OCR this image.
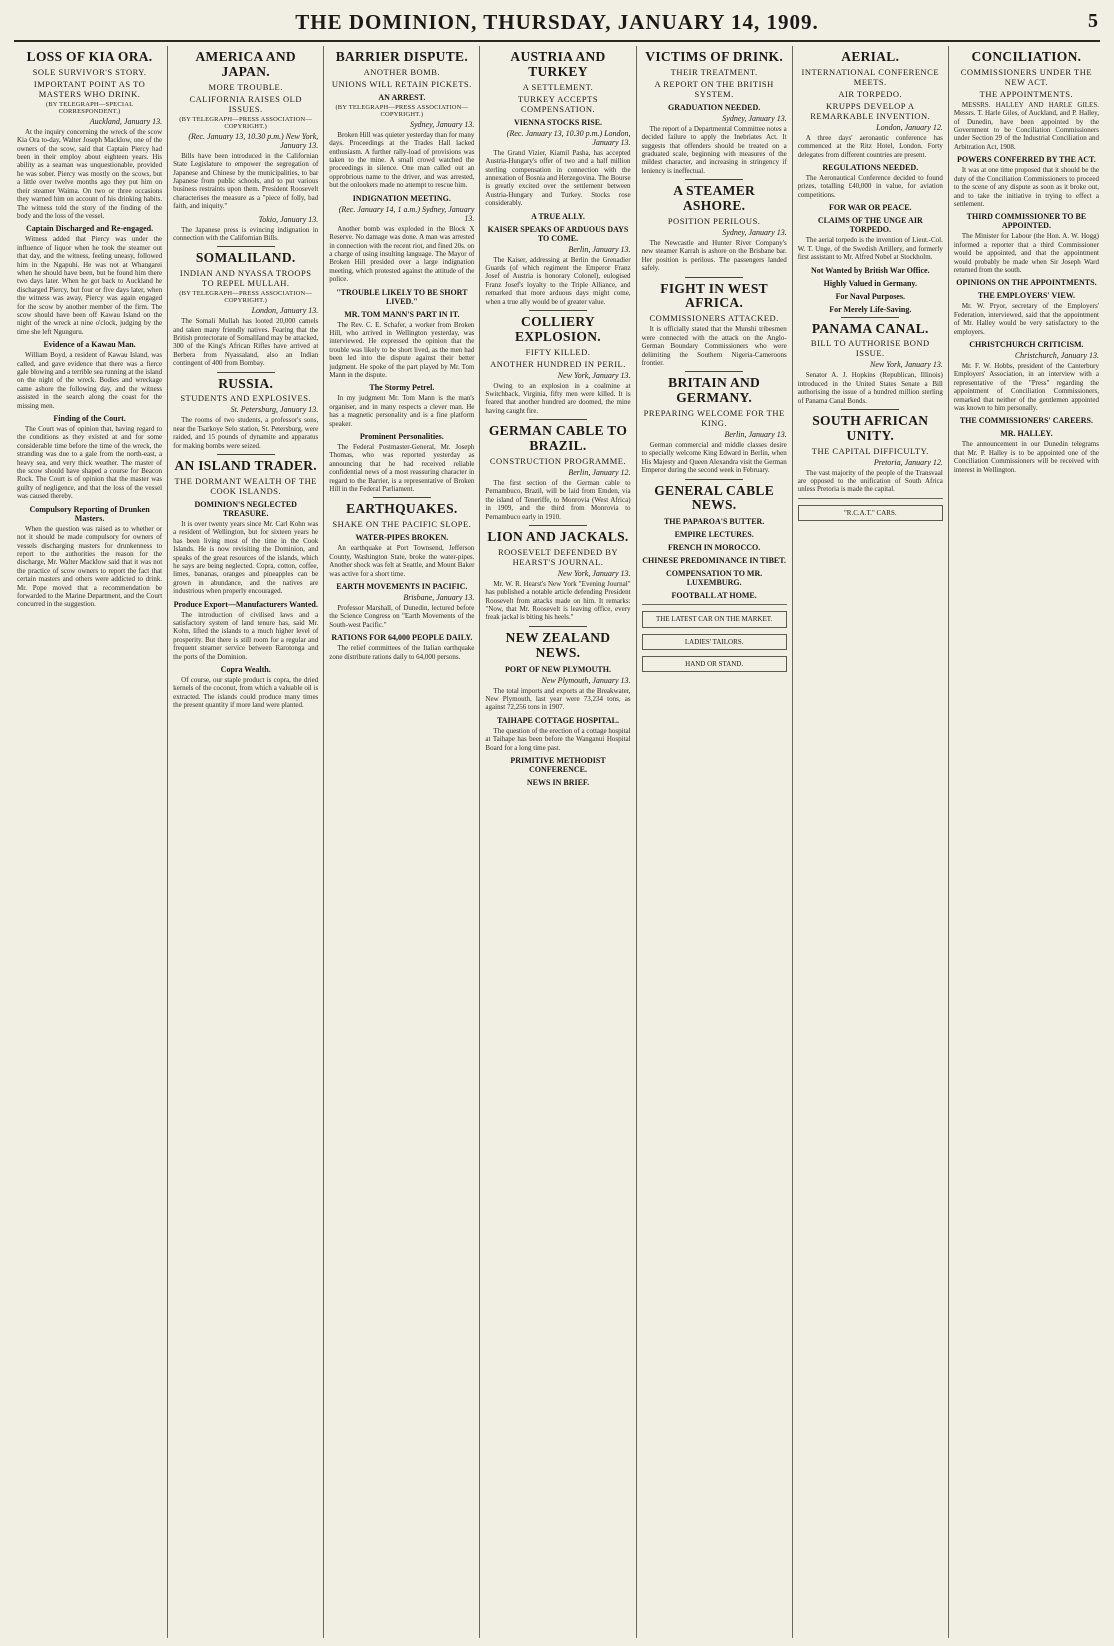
THE DOMINION, THURSDAY, JANUARY 14, 1909.	5
LOSS OF KIA ORA.
SOLE SURVIVOR'S STORY.
IMPORTANT POINT AS TO MASTERS WHO DRINK.
(BY TELEGRAPH—SPECIAL CORRESPONDENT.)
Auckland, January 13.
At the inquiry concerning the wreck of the scow Kia Ora to-day, Walter Joseph Macklow, one of the owners of the scow, said that Captain Piercy had been in their employ about eighteen years. His ability as a seaman was unquestionable, provided he was sober. Piercy was mostly on the scows, but a little over twelve months ago they put him on their steamer Waima. On two or three occasions they warned him on account of his drinking habits. The witness told the story of the finding of the body and the loss of the vessel.
Captain Discharged and Re-engaged.
Witness added that Piercy was under the influence of liquor when he took the steamer out that day, and the witness, feeling uneasy, followed him in the Ngapuhi. He was not at Whangarei when he should have been, but he found him there two days later. When he got back to Auckland he discharged Piercy, but four or five days later, when the witness was away, Piercy was again engaged for the scow by another member of the firm. The scow should have been off Kawau Island on the night of the wreck at nine o'clock, judging by the time she left Ngunguru.
Evidence of a Kawau Man.
William Boyd, a resident of Kawau Island, was called, and gave evidence that there was a fierce gale blowing and a terrible sea running at the island on the night of the wreck. Bodies and wreckage came ashore the following day, and the witness assisted in the search along the coast for the missing men.
Finding of the Court.
The Court was of opinion that, having regard to the conditions as they existed at and for some considerable time before the time of the wreck, the stranding was due to a gale from the north-east, a heavy sea, and very thick weather. The master of the scow should have shaped a course for Beacon Rock. The Court is of opinion that the master was guilty of negligence, and that the loss of the vessel was caused thereby.
Compulsory Reporting of Drunken Masters.
When the question was raised as to whether or not it should be made compulsory for owners of vessels discharging masters for drunkenness to report to the authorities the reason for the discharge, Mr. Walter Macklow said that it was not the practice of scow owners to report the fact that certain masters and others were addicted to drink. Mr. Pope moved that a recommendation be forwarded to the Marine Department, and the Court concurred in the suggestion.
AMERICA AND JAPAN.
MORE TROUBLE.
CALIFORNIA RAISES OLD ISSUES.
(BY TELEGRAPH—PRESS ASSOCIATION—COPYRIGHT.)
(Rec. January 13, 10.30 p.m.) New York, January 13.
Bills have been introduced in the Californian State Legislature to empower the segregation of Japanese and Chinese by the municipalities, to bar Japanese from public schools, and to put various business restraints upon them. President Roosevelt characterises the measure as a "piece of folly, bad faith, and iniquity."
Tokio, January 13.
The Japanese press is evincing indignation in connection with the Californian Bills.
SOMALILAND.
INDIAN AND NYASSA TROOPS TO REPEL MULLAH.
(BY TELEGRAPH—PRESS ASSOCIATION—COPYRIGHT.)
London, January 13.
The Somali Mullah has looted 20,000 camels and taken many friendly natives. Fearing that the British protectorate of Somaliland may be attacked, 300 of the King's African Rifles have arrived at Berbera from Nyassaland, also an Indian contingent of 400 from Bombay.
RUSSIA.
STUDENTS AND EXPLOSIVES.
St. Petersburg, January 13.
The rooms of two students, a professor's sons, near the Tsarkoye Selo station, St. Petersburg, were raided, and 15 pounds of dynamite and apparatus for making bombs were seized.
AN ISLAND TRADER.
THE DORMANT WEALTH OF THE COOK ISLANDS.
DOMINION'S NEGLECTED TREASURE.
It is over twenty years since Mr. Carl Kohn was a resident of Wellington, but for sixteen years he has been living most of the time in the Cook Islands. He is now revisiting the Dominion, and speaks of the great resources of the islands, which he says are being neglected. Copra, cotton, coffee, limes, bananas, oranges and pineapples can be grown in abundance, and the natives are industrious when properly encouraged.
Produce Export—Manufacturers Wanted.
The introduction of civilised laws and a satisfactory system of land tenure has, said Mr. Kohn, lifted the islands to a much higher level of prosperity. But there is still room for a regular and frequent steamer service between Rarotonga and the ports of the Dominion.
Copra Wealth.
Of course, our staple product is copra, the dried kernels of the coconut, from which a valuable oil is extracted. The islands could produce many times the present quantity if more land were planted.
BARRIER DISPUTE.
ANOTHER BOMB.
UNIONS WILL RETAIN PICKETS.
AN ARREST.
(BY TELEGRAPH—PRESS ASSOCIATION—COPYRIGHT.)
Sydney, January 13.
Broken Hill was quieter yesterday than for many days. Proceedings at the Trades Hall lacked enthusiasm. A further rally-load of provisions was taken to the mine. A small crowd watched the proceedings in silence. One man called out an opprobrious name to the driver, and was arrested, but the onlookers made no attempt to rescue him.
INDIGNATION MEETING.
(Rec. January 14, 1 a.m.) Sydney, January 13.
Another bomb was exploded in the Block X Reserve. No damage was done. A man was arrested in connection with the recent riot, and fined 20s. on a charge of using insulting language. The Mayor of Broken Hill presided over a large indignation meeting, which protested against the attitude of the police.
"TROUBLE LIKELY TO BE SHORT LIVED."
MR. TOM MANN'S PART IN IT.
The Rev. C. E. Schafer, a worker from Broken Hill, who arrived in Wellington yesterday, was interviewed. He expressed the opinion that the trouble was likely to be short lived, as the men had been led into the dispute against their better judgment. He spoke of the part played by Mr. Tom Mann in the dispute.
The Stormy Petrel.
In my judgment Mr. Tom Mann is the man's organiser, and in many respects a clever man. He has a magnetic personality and is a fine platform speaker.
Prominent Personalities.
The Federal Postmaster-General, Mr. Joseph Thomas, who was reported yesterday as announcing that he had received reliable confidential news of a most reassuring character in regard to the Barrier, is a representative of Broken Hill in the Federal Parliament.
EARTHQUAKES.
SHAKE ON THE PACIFIC SLOPE.
WATER-PIPES BROKEN.
An earthquake at Port Townsend, Jefferson County, Washington State, broke the water-pipes. Another shock was felt at Seattle, and Mount Baker was active for a short time.
EARTH MOVEMENTS IN PACIFIC.
Brisbane, January 13.
Professor Marshall, of Dunedin, lectured before the Science Congress on "Earth Movements of the South-west Pacific."
RATIONS FOR 64,000 PEOPLE DAILY.
The relief committees of the Italian earthquake zone distribute rations daily to 64,000 persons.
AUSTRIA AND TURKEY
A SETTLEMENT.
TURKEY ACCEPTS COMPENSATION.
VIENNA STOCKS RISE.
(Rec. January 13, 10.30 p.m.) London, January 13.
The Grand Vizier, Kiamil Pasha, has accepted Austria-Hungary's offer of two and a half million sterling compensation in connection with the annexation of Bosnia and Herzegovina. The Bourse is greatly excited over the settlement between Austria-Hungary and Turkey. Stocks rose considerably.
A TRUE ALLY.
KAISER SPEAKS OF ARDUOUS DAYS TO COME.
Berlin, January 13.
The Kaiser, addressing at Berlin the Grenadier Guards (of which regiment the Emperor Franz Josef of Austria is honorary Colonel), eulogised Franz Josef's loyalty to the Triple Alliance, and remarked that more arduous days might come, when a true ally would be of greater value.
COLLIERY EXPLOSION.
FIFTY KILLED.
ANOTHER HUNDRED IN PERIL.
New York, January 13.
Owing to an explosion in a coalmine at Switchback, Virginia, fifty men were killed. It is feared that another hundred are doomed, the mine having caught fire.
GERMAN CABLE TO BRAZIL.
CONSTRUCTION PROGRAMME.
Berlin, January 12.
The first section of the German cable to Pernambuco, Brazil, will be laid from Emden, via the island of Teneriffe, to Monrovia (West Africa) in 1909, and the third from Monrovia to Pernambuco early in 1910.
LION AND JACKALS.
ROOSEVELT DEFENDED BY HEARST'S JOURNAL.
New York, January 13.
Mr. W. R. Hearst's New York "Evening Journal" has published a notable article defending President Roosevelt from attacks made on him. It remarks: "Now, that Mr. Roosevelt is leaving office, every freak jackal is biting his heels."
NEW ZEALAND NEWS.
PORT OF NEW PLYMOUTH.
New Plymouth, January 13.
The total imports and exports at the Breakwater, New Plymouth, last year were 73,234 tons, as against 72,256 tons in 1907.
TAIHAPE COTTAGE HOSPITAL.
The question of the erection of a cottage hospital at Taihape has been before the Wanganui Hospital Board for a long time past.
PRIMITIVE METHODIST CONFERENCE.
NEWS IN BRIEF.
VICTIMS OF DRINK.
THEIR TREATMENT.
A REPORT ON THE BRITISH SYSTEM.
GRADUATION NEEDED.
Sydney, January 13.
The report of a Departmental Committee notes a decided failure to apply the Inebriates Act. It suggests that offenders should be treated on a graduated scale, beginning with measures of the mildest character, and increasing in stringency if leniency is ineffectual.
A STEAMER ASHORE.
POSITION PERILOUS.
Sydney, January 13.
The Newcastle and Hunter River Company's new steamer Karrah is ashore on the Brisbane bar. Her position is perilous. The passengers landed safely.
FIGHT IN WEST AFRICA.
COMMISSIONERS ATTACKED.
It is officially stated that the Munshi tribesmen were connected with the attack on the Anglo-German Boundary Commissioners who were delimiting the Southern Nigeria-Cameroons frontier.
BRITAIN AND GERMANY.
PREPARING WELCOME FOR THE KING.
Berlin, January 13.
German commercial and middle classes desire to specially welcome King Edward in Berlin, when His Majesty and Queen Alexandra visit the German Emperor during the second week in February.
GENERAL CABLE NEWS.
THE PAPAROA'S BUTTER.
EMPIRE LECTURES.
FRENCH IN MOROCCO.
CHINESE PREDOMINANCE IN TIBET.
COMPENSATION TO MR. LUXEMBURG.
FOOTBALL AT HOME.
THE LATEST CAR ON THE MARKET.
LADIES' TAILORS.
HAND OR STAND.
AERIAL.
INTERNATIONAL CONFERENCE MEETS.
AIR TORPEDO.
KRUPPS DEVELOP A REMARKABLE INVENTION.
London, January 12.
A three days' aeronautic conference has commenced at the Ritz Hotel, London. Forty delegates from different countries are present.
REGULATIONS NEEDED.
The Aeronautical Conference decided to found prizes, totalling £40,000 in value, for aviation competitions.
FOR WAR OR PEACE.
CLAIMS OF THE UNGE AIR TORPEDO.
The aerial torpedo is the invention of Lieut.-Col. W. T. Unge, of the Swedish Artillery, and formerly first assistant to Mr. Alfred Nobel at Stockholm.
Not Wanted by British War Office.
Highly Valued in Germany.
For Naval Purposes.
For Merely Life-Saving.
PANAMA CANAL.
BILL TO AUTHORISE BOND ISSUE.
New York, January 13.
Senator A. J. Hopkins (Republican, Illinois) introduced in the United States Senate a Bill authorising the issue of a hundred million sterling of Panama Canal Bonds.
SOUTH AFRICAN UNITY.
THE CAPITAL DIFFICULTY.
Pretoria, January 12.
The vast majority of the people of the Transvaal are opposed to the unification of South Africa unless Pretoria is made the capital.
"R.C.A.T." CARS.
CONCILIATION.
COMMISSIONERS UNDER THE NEW ACT.
THE APPOINTMENTS.
MESSRS. HALLEY AND HARLE GILES. Messrs. T. Harle Giles, of Auckland, and P. Halley, of Dunedin, have been appointed by the Government to be Conciliation Commissioners under Section 29 of the Industrial Conciliation and Arbitration Act, 1908.
POWERS CONFERRED BY THE ACT.
It was at one time proposed that it should be the duty of the Conciliation Commissioners to proceed to the scene of any dispute as soon as it broke out, and to take the initiative in trying to effect a settlement.
THIRD COMMISSIONER TO BE APPOINTED.
The Minister for Labour (the Hon. A. W. Hogg) informed a reporter that a third Commissioner would be appointed, and that the appointment would probably be made when Sir Joseph Ward returned from the south.
OPINIONS ON THE APPOINTMENTS.
THE EMPLOYERS' VIEW.
Mr. W. Pryor, secretary of the Employers' Federation, interviewed, said that the appointment of Mr. Halley would be very satisfactory to the employers.
CHRISTCHURCH CRITICISM.
Christchurch, January 13.
Mr. F. W. Hobbs, president of the Canterbury Employers' Association, in an interview with a representative of the "Press" regarding the appointment of Conciliation Commissioners, remarked that neither of the gentlemen appointed was known to him personally.
THE COMMISSIONERS' CAREERS.
MR. HALLEY.
The announcement in our Dunedin telegrams that Mr. P. Halley is to be appointed one of the Conciliation Commissioners will be received with interest in Wellington.
